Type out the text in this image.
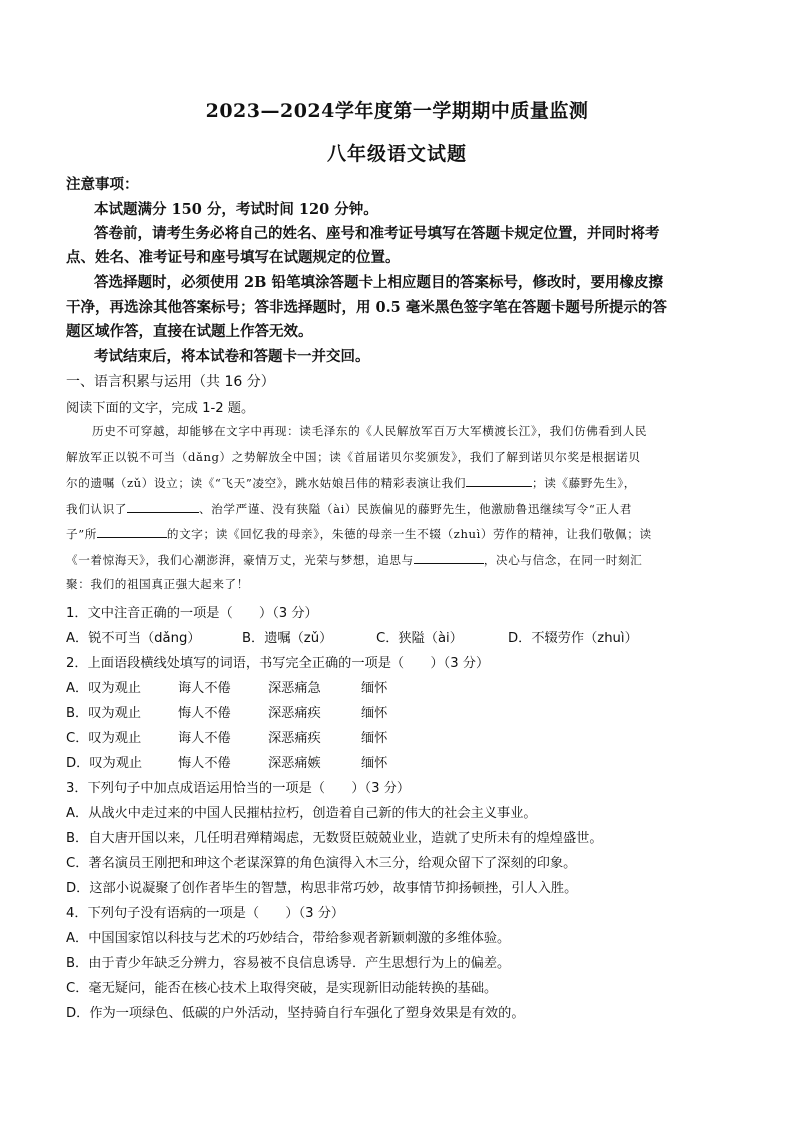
2023—2024学年度第一学期期中质量监测
八年级语文试题
注意事项：
本试题满分 150 分，考试时间 120 分钟。
答卷前，请考生务必将自己的姓名、座号和准考证号填写在答题卡规定位置，并同时将考
点、姓名、准考证号和座号填写在试题规定的位置。
答选择题时，必须使用 2B 铅笔填涂答题卡上相应题目的答案标号，修改时，要用橡皮擦
干净，再选涂其他答案标号；答非选择题时，用 0.5 毫米黑色签字笔在答题卡题号所提示的答
题区域作答，直接在试题上作答无效。
考试结束后，将本试卷和答题卡一并交回。
一、语言积累与运用（共 16 分）
阅读下面的文字，完成 1-2 题。
历史不可穿越，却能够在文字中再现：读毛泽东的《人民解放军百万大军横渡长江》，我们仿佛看到人民
解放军正以锐不可当（dǎng）之势解放全中国；读《首届诺贝尔奖颁发》，我们了解到诺贝尔奖是根据诺贝
尔的遗嘱（zǔ）设立；读《“飞天”凌空》，跳水姑娘吕伟的精彩表演让我们	；读《藤野先生》，
我们认识了	、治学严谨、没有狭隘（ài）民族偏见的藤野先生，他激励鲁迅继续写令“正人君
子”所	的文字；读《回忆我的母亲》，朱德的母亲一生不辍（zhuì）劳作的精神，让我们敬佩；读
《一着惊海天》，我们心潮澎湃，豪情万丈，光荣与梦想，追思与	，决心与信念，在同一时刻汇
聚：我们的祖国真正强大起来了！
1．文中注音正确的一项是（　　）（3 分）
A．锐不可当（dǎng）	B．遗嘱（zǔ）	C．狭隘（ài）	D．不辍劳作（zhuì）
2．上面语段横线处填写的词语，书写完全正确的一项是（　　）（3 分）
A．叹为观止	诲人不倦	深恶痛急	缅怀
B．叹为观止	悔人不倦	深恶痛疾	缅怀
C．叹为观止	诲人不倦	深恶痛疾	缅怀
D．叹为观止	悔人不倦	深恶痛嫉	缅怀
3．下列句子中加点成语运用恰当的一项是（　　）（3 分）
A．从战火中走过来的中国人民摧枯拉朽，创造着自己新的伟大的社会主义事业。
B．自大唐开国以来，几任明君殚精竭虑，无数贤臣兢兢业业，造就了史所未有的煌煌盛世。
C．著名演员王刚把和珅这个老谋深算的角色演得入木三分，给观众留下了深刻的印象。
D．这部小说凝聚了创作者毕生的智慧，构思非常巧妙，故事情节抑扬顿挫，引人入胜。
4．下列句子没有语病的一项是（　　）（3 分）
A．中国国家馆以科技与艺术的巧妙结合，带给参观者新颖刺激的多维体验。
B．由于青少年缺乏分辨力，容易被不良信息诱导．产生思想行为上的偏差。
C．毫无疑问，能否在核心技术上取得突破，是实现新旧动能转换的基础。
D．作为一项绿色、低碳的户外活动，坚持骑自行车强化了塑身效果是有效的。
